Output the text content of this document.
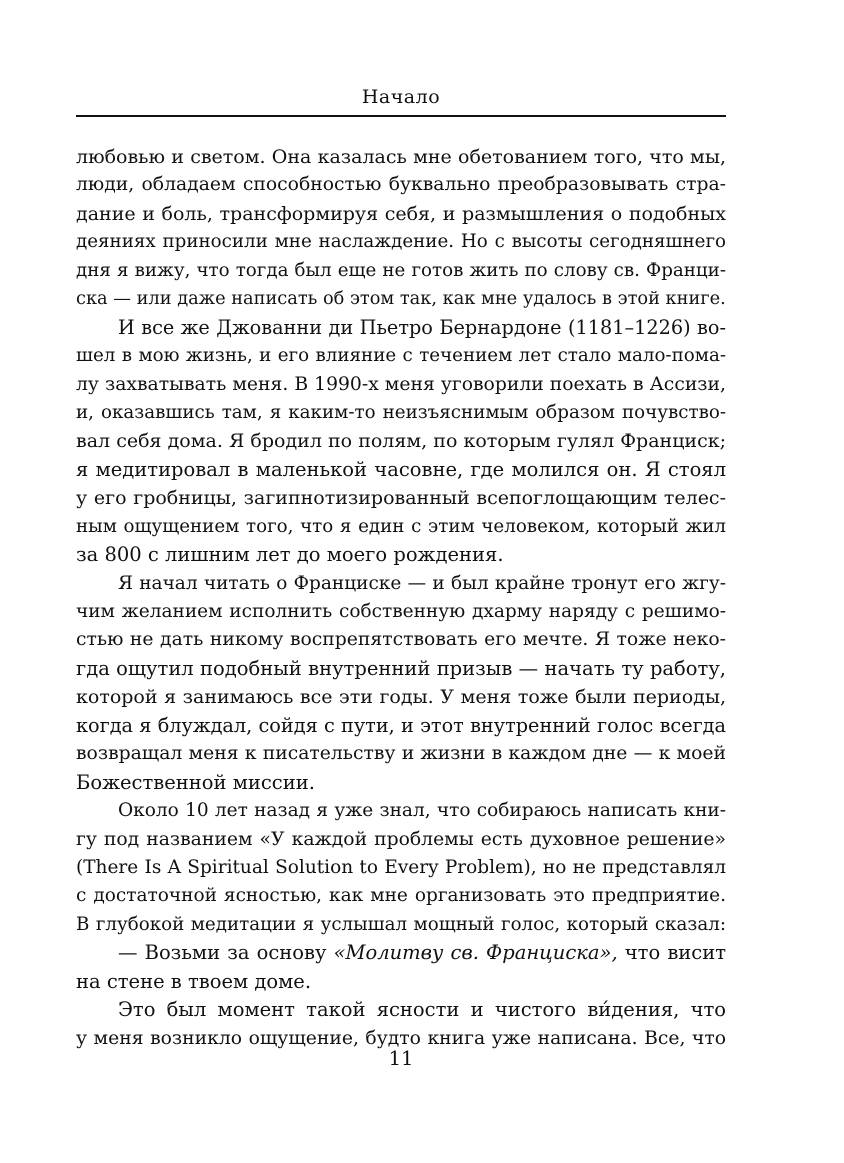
Начало
любовью и светом. Она казалась мне обетованием того, что мы,
люди, обладаем способностью буквально преобразовывать стра-
дание и боль, трансформируя себя, и размышления о подобных
деяниях приносили мне наслаждение. Но с высоты сегодняшнего
дня я вижу, что тогда был еще не готов жить по слову св. Франци-
ска — или даже написать об этом так, как мне удалось в этой книге.
И все же Джованни ди Пьетро Бернардоне (1181–1226) во-
шел в мою жизнь, и его влияние с течением лет стало мало-пома-
лу захватывать меня. В 1990-х меня уговорили поехать в Ассизи,
и, оказавшись там, я каким-то неизъяснимым образом почувство-
вал себя дома. Я бродил по полям, по которым гулял Франциск;
я медитировал в маленькой часовне, где молился он. Я стоял
у его гробницы, загипнотизированный всепоглощающим телес-
ным ощущением того, что я един с этим человеком, который жил
за 800 с лишним лет до моего рождения.
Я начал читать о Франциске — и был крайне тронут его жгу-
чим желанием исполнить собственную дхарму наряду с решимо-
стью не дать никому воспрепятствовать его мечте. Я тоже неко-
гда ощутил подобный внутренний призыв — начать ту работу,
которой я занимаюсь все эти годы. У меня тоже были периоды,
когда я блуждал, сойдя с пути, и этот внутренний голос всегда
возвращал меня к писательству и жизни в каждом дне — к моей
Божественной миссии.
Около 10 лет назад я уже знал, что собираюсь написать кни-
гу под названием «У каждой проблемы есть духовное решение»
(There Is A Spiritual Solution to Every Problem), но не представлял
с достаточной ясностью, как мне организовать это предприятие.
В глубокой медитации я услышал мощный голос, который сказал:
— Возьми за основу «Молитву св. Франциска», что висит
на стене в твоем доме.
Это был момент такой ясности и чистого ви́дения, что
у меня возникло ощущение, будто книга уже написана. Все, что
11
